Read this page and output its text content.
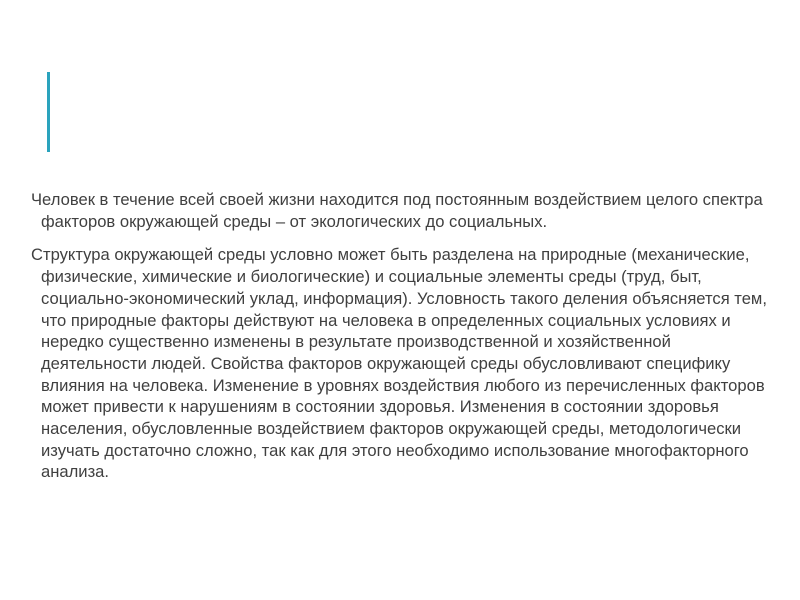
Человек в течение всей своей жизни находится под постоянным воздействием целого спектра факторов окружающей среды – от экологических до социальных.

Структура окружающей среды условно может быть разделена на природные (механические, физические, химические и биологические) и социальные элементы среды (труд, быт, социально-экономический уклад, информация). Условность такого деления объясняется тем, что природные факторы действуют на человека в определенных социальных условиях и нередко существенно изменены в результате производственной и хозяйственной деятельности людей. Свойства факторов окружающей среды обусловливают специфику влияния на человека. Изменение в уровнях воздействия любого из перечисленных факторов может привести к нарушениям в состоянии здоровья. Изменения в состоянии здоровья населения, обусловленные воздействием факторов окружающей среды, методологически изучать достаточно сложно, так как для этого необходимо использование многофакторного анализа.
